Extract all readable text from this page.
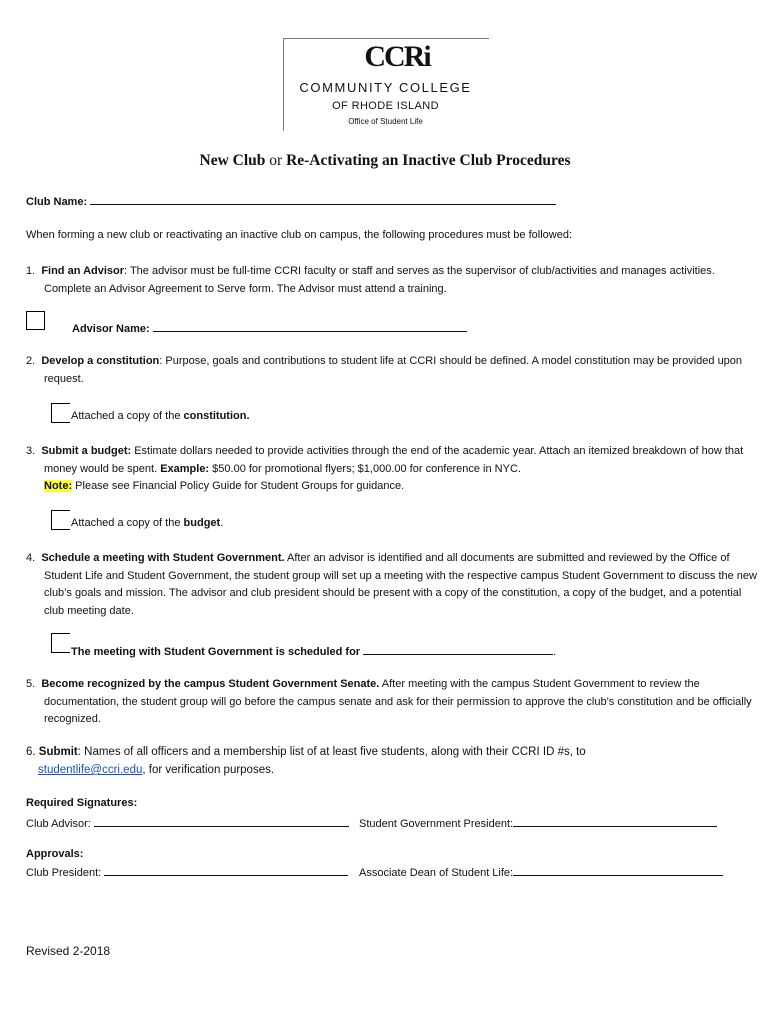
CCRi
COMMUNITY COLLEGE
OF RHODE ISLAND
Office of Student Life
New Club or Re-Activating an Inactive Club Procedures
Club Name:
When forming a new club or reactivating an inactive club on campus, the following procedures must be followed:
1. Find an Advisor: The advisor must be full-time CCRI faculty or staff and serves as the supervisor of club/activities and manages activities. Complete an Advisor Agreement to Serve form. The Advisor must attend a training.
Advisor Name:
2. Develop a constitution: Purpose, goals and contributions to student life at CCRI should be defined. A model constitution may be provided upon request.
Attached a copy of the constitution.
3. Submit a budget: Estimate dollars needed to provide activities through the end of the academic year. Attach an itemized breakdown of how that money would be spent. Example: $50.00 for promotional flyers; $1,000.00 for conference in NYC.
Note: Please see Financial Policy Guide for Student Groups for guidance.
Attached a copy of the budget.
4. Schedule a meeting with Student Government. After an advisor is identified and all documents are submitted and reviewed by the Office of Student Life and Student Government, the student group will set up a meeting with the respective campus Student Government to discuss the new club’s goals and mission. The advisor and club president should be present with a copy of the constitution, a copy of the budget, and a potential club meeting date.
The meeting with Student Government is scheduled for	.
5. Become recognized by the campus Student Government Senate. After meeting with the campus Student Government to review the documentation, the student group will go before the campus senate and ask for their permission to approve the club’s constitution and be officially recognized.
6. Submit: Names of all officers and a membership list of at least five students, along with their CCRI ID #s, to
studentlife@ccri.edu, for verification purposes.
Required Signatures:
Club Advisor:	Student Government President:
Approvals:
Club President:	Associate Dean of Student Life:
Revised 2-2018
